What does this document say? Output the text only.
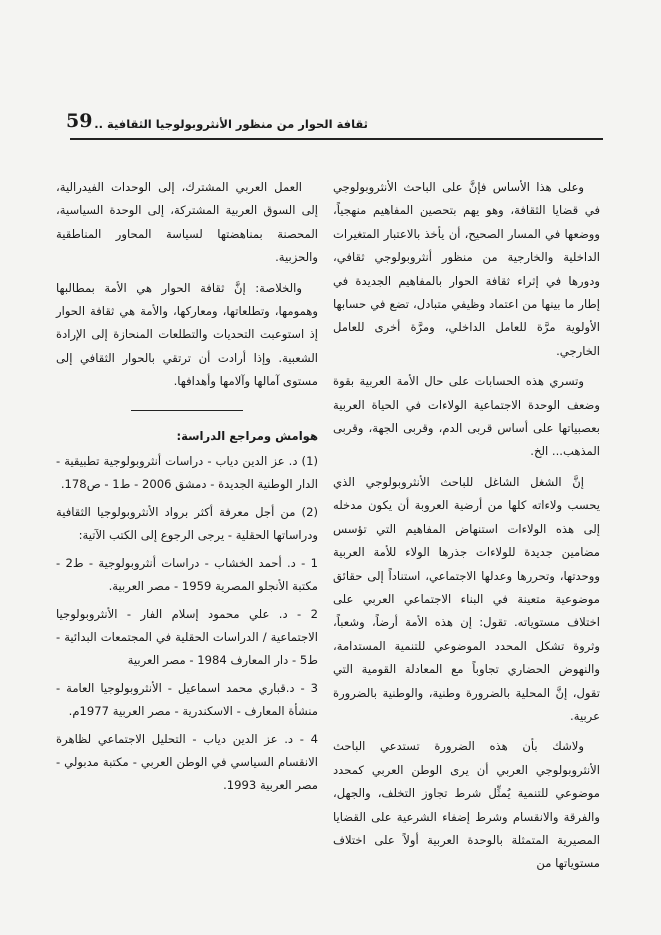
59 ثقافة الحوار من منظور الأنثروبولوجيا الثقافية ..

وعلى هذا الأساس فإنَّ على الباحث الأنثروبولوجي في قضايا الثقافة، وهو يهم بتحصين المفاهيم منهجياً، ووضعها في المسار الصحيح، أن يأخذ بالاعتبار المتغيرات الداخلية والخارجية من منظور أنثروبولوجي ثقافي، ودورها في إثراء ثقافة الحوار بالمفاهيم الجديدة في إطار ما بينها من اعتماد وظيفي متبادل، تضع في حسابها الأولوية مرَّة للعامل الداخلي، ومرَّة أخرى للعامل الخارجي.

وتسري هذه الحسابات على حال الأمة العربية بقوة وضعف الوحدة الاجتماعية الولاءات في الحياة العربية بعصبياتها على أساس قربى الدم، وقربى الجهة، وقربى المذهب... الخ.

إنَّ الشغل الشاغل للباحث الأنثروبولوجي الذي يحسب ولاءاته كلها من أرضية العروبة أن يكون مدخله إلى هذه الولاءات استنهاض المفاهيم التي تؤسس مضامين جديدة للولاءات جذرها الولاء للأمة العربية ووحدتها، وتحررها وعدلها الاجتماعي، استناداً إلى حقائق موضوعية متعينة في البناء الاجتماعي العربي على اختلاف مستوياته. تقول: إن هذه الأمة أرضاً، وشعباً، وثروة تشكل المحدد الموضوعي للتنمية المستدامة، والنهوض الحضاري تجاوباً مع المعادلة القومية التي تقول، إنَّ المحلية بالضرورة وطنية، والوطنية بالضرورة عربية.

ولاشك بأن هذه الضرورة تستدعي الباحث الأنثروبولوجي العربي أن يرى الوطن العربي كمحدد موضوعي للتنمية يُمثِّل شرط تجاوز التخلف، والجهل، والفرقة والانقسام وشرط إضفاء الشرعية على القضايا المصيرية المتمثلة بالوحدة العربية أولاً على اختلاف مستوياتها من

العمل العربي المشترك، إلى الوحدات الفيدرالية، إلى السوق العربية المشتركة، إلى الوحدة السياسية، المحصنة بمناهضتها لسياسة المحاور المناطقية والحزبية.

والخلاصة: إنَّ ثقافة الحوار هي الأمة بمطالبها وهمومها، وتطلعاتها، ومعاركها، والأمة هي ثقافة الحوار إذ استوعبت التحديات والتطلعات المنحازة إلى الإرادة الشعبية. وإذا أرادت أن ترتقي بالحوار الثقافي إلى مستوى آمالها وآلامها وأهدافها.

هوامش ومراجع الدراسة:
(1) د. عز الدين دياب - دراسات أنثروبولوجية تطبيقية - الدار الوطنية الجديدة - دمشق 2006 - ط1 - ص178.
(2) من أجل معرفة أكثر برواد الأنثروبولوجيا الثقافية ودراساتها الحقلية - يرجى الرجوع إلى الكتب الآتية:
1 - د. أحمد الخشاب - دراسات أنثروبولوجية - ط2 - مكتبة الأنجلو المصرية 1959 - مصر العربية.
2 - د. علي محمود إسلام الفار - الأنثروبولوجيا الاجتماعية / الدراسات الحقلية في المجتمعات البدائية - ط5 - دار المعارف 1984 - مصر العربية
3 - د.قباري محمد اسماعيل - الأنثروبولوجيا العامة - منشأة المعارف - الاسكندرية - مصر العربية 1977م.
4 - د. عز الدين دياب - التحليل الاجتماعي لظاهرة الانقسام السياسي في الوطن العربي - مكتبة مدبولي - مصر العربية 1993.
